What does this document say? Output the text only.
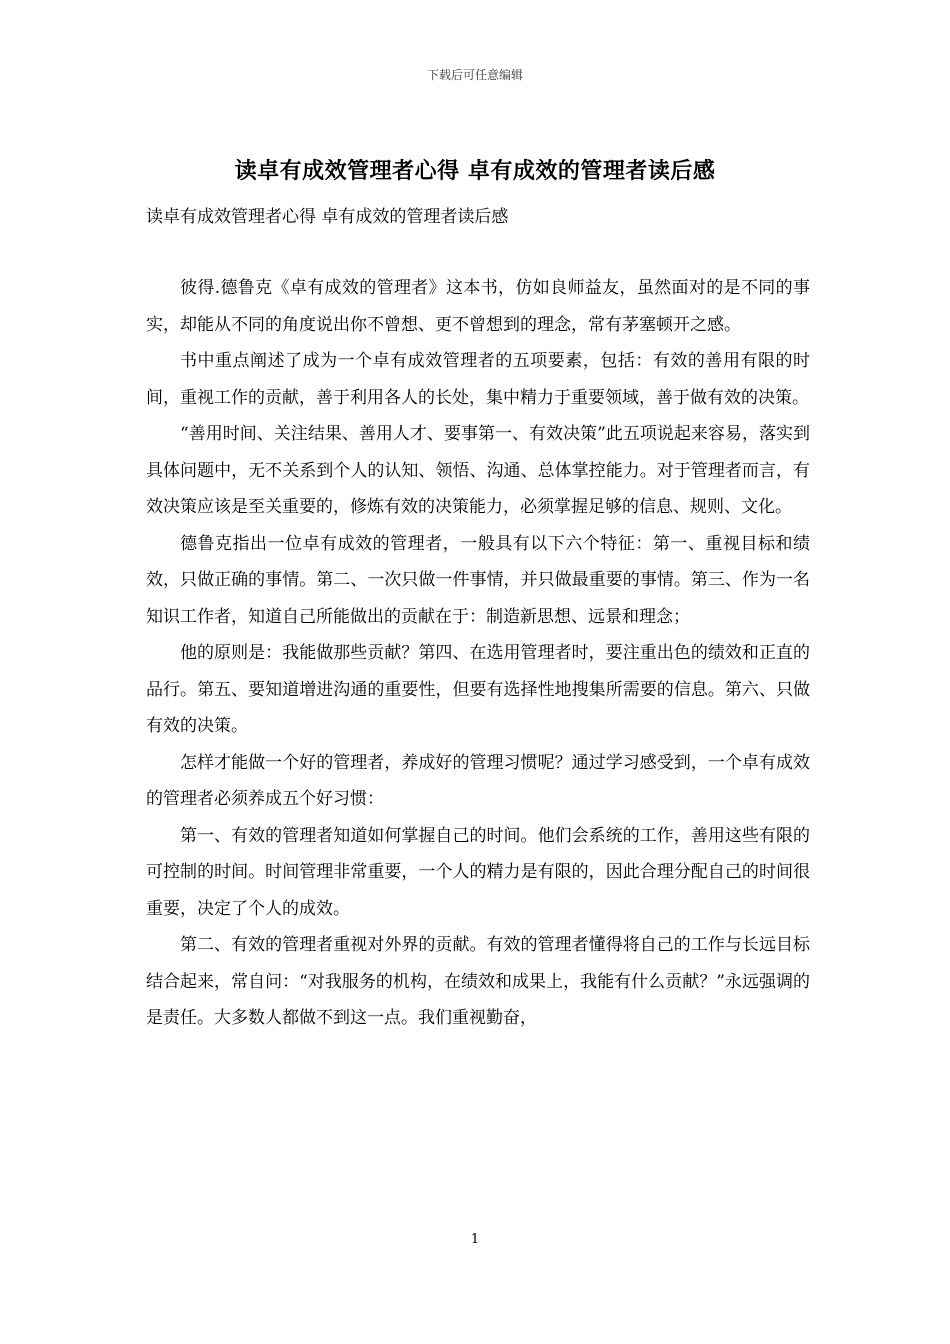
下载后可任意编辑
读卓有成效管理者心得 卓有成效的管理者读后感
读卓有成效管理者心得 卓有成效的管理者读后感

彼得.德鲁克《卓有成效的管理者》这本书，仿如良师益友，虽然面对的是不同的事实，却能从不同的角度说出你不曾想、更不曾想到的理念，常有茅塞顿开之感。

书中重点阐述了成为一个卓有成效管理者的五项要素，包括：有效的善用有限的时间，重视工作的贡献，善于利用各人的长处，集中精力于重要领域，善于做有效的决策。

“善用时间、关注结果、善用人才、要事第一、有效决策”此五项说起来容易，落实到具体问题中，无不关系到个人的认知、领悟、沟通、总体掌控能力。对于管理者而言，有效决策应该是至关重要的，修炼有效的决策能力，必须掌握足够的信息、规则、文化。

德鲁克指出一位卓有成效的管理者，一般具有以下六个特征：第一、重视目标和绩效，只做正确的事情。第二、一次只做一件事情，并只做最重要的事情。第三、作为一名知识工作者，知道自己所能做出的贡献在于：制造新思想、远景和理念；

他的原则是：我能做那些贡献？第四、在选用管理者时，要注重出色的绩效和正直的品行。第五、要知道增进沟通的重要性，但要有选择性地搜集所需要的信息。第六、只做有效的决策。

怎样才能做一个好的管理者，养成好的管理习惯呢？通过学习感受到，一个卓有成效的管理者必须养成五个好习惯：

第一、有效的管理者知道如何掌握自己的时间。他们会系统的工作，善用这些有限的可控制的时间。时间管理非常重要，一个人的精力是有限的，因此合理分配自己的时间很重要，决定了个人的成效。

第二、有效的管理者重视对外界的贡献。有效的管理者懂得将自己的工作与长远目标结合起来，常自问：“对我服务的机构，在绩效和成果上，我能有什么贡献？”永远强调的是责任。大多数人都做不到这一点。我们重视勤奋，

1
